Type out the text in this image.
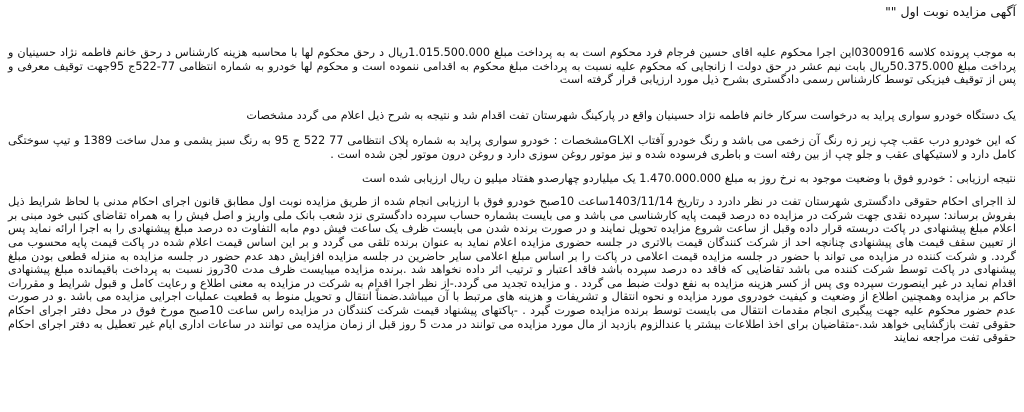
آگهی مزایده نوبت اول ""

به موجب پرونده کلاسه 0300916این اجرا محکوم علیه اقای حسین فرجام فرد محکوم است به به پرداخت مبلغ 1.015.500.000ریال د رحق محکوم لها با محاسبه هزینه کارشناس د رحق خانم فاطمه نژاد حسینیان و پرداخت مبلغ 50.375.000ریال بابت نیم عشر در حق دولت ا زانجایی که محکوم علیه نسبت به پرداخت مبلغ محکوم به اقدامی ننموده است و محکوم لها خودرو به شماره انتظامی 77-522ج 95جهت توقیف معرفی و پس از توقیف فیزیکی توسط کارشناس رسمی دادگستری بشرح ذیل مورد ارزیابی قرار گرفته است

یک دستگاه خودرو سواری پراید به درخواست سرکار خانم فاطمه نژاد حسینیان واقع در پارکینگ شهرستان تفت اقدام شد و نتیجه به شرح ذیل اعلام می گردد مشخصات

که این خودرو درب عقب چپ زیر زه رنگ آن زخمی می باشد و رنگ خودرو آفتاب GLXIمشخصات : خودرو سواری پراید به شماره پلاک انتظامی 77 522 ج 95 به رنگ سبز یشمی و مدل ساخت 1389 و تیپ سوختگی کامل دارد و لاستیکهای عقب و جلو چپ از بین رفته است و باطری فرسوده شده و نیز موتور روغن سوزی دارد و روغن درون موتور لجن شده است .

نتیجه ارزیابی : خودرو فوق با وضعیت موجود به نرخ روز به مبلغ 1.470.000.000 یک میلیاردو چهارصدو هفتاد میلیو ن ریال ارزیابی شده است

لذ ااجرای احکام حقوقی دادگستری شهرستان تفت در نظر دادرد د رتاریخ 1403/11/14ساعت 10صبح خودرو فوق با ارزیابی انجام شده از طریق مزایده نوبت اول مطابق قانون اجرای احکام مدنی با لحاظ شرایط ذیل بفروش برساند: سپرده نقدی جهت شرکت در مزایده ده درصد قیمت پایه کارشناسی می باشد و می بایست بشماره حساب سپرده دادگستری نزد شعب بانک ملی واریز و اصل فیش را به همراه تقاضای کتبی خود مبنی بر اعلام مبلغ پیشنهادی در پاکت دربسته قرار داده وقبل از ساعت شروع مزایده تحویل نمایند و در صورت برنده شدن می بایست ظرف یک ساعت فیش دوم مابه التفاوت ده درصد مبلغ پیشنهادی را به اجرا ارائه نماید پس از تعیین سقف قیمت های پیشنهادی چنانچه احد از شرکت کنندگان قیمت بالاتری در جلسه حضوری مزایده اعلام نماید به عنوان برنده تلقی می گردد و بر این اساس قیمت اعلام شده در پاکت قیمت پایه محسوب می گردد. و شرکت کننده در مزایده می تواند با حضور در جلسه مزایده قیمت اعلامی در پاکت را بر اساس مبلغ اعلامی سایر حاضرین در جلسه مزایده افزایش دهد عدم حضور در جلسه مزایده به منزله قطعی بودن مبلغ پیشنهادی در پاکت توسط شرکت کننده می باشد تقاضایی که فاقد ده درصد سپرده باشد فاقد اعتبار و ترتیب اثر داده نخواهد شد .برنده مزایده میبایست ظرف مدت 30روز نسبت به پرداخت باقیمانده مبلغ پیشنهادی اقدام نماید در غیر اینصورت سپرده وی پس از کسر هزینه مزایده به نفع دولت ضبط می گردد . و مزایده تجدید می گردد.-از نظر اجرا اقدام به شرکت در مزایده به معنی اطلاع و رعایت کامل و قبول شرایط و مقررات حاکم بر مزایده وهمچنین اطلاع از وضعیت و کیفیت خودروی مورد مزایده و نحوه انتقال و تشریفات و هزینه های مرتبط با آن میباشد.ضمناً انتقال و تحویل منوط به قطعیت عملیات اجرایی مزایده می باشد .و در صورت عدم حضور محکوم علیه جهت پیگیری انجام مقدمات انتقال می بایست توسط برنده مزایده صورت گیرد . -پاکتهای پیشنهاد قیمت شرکت کنندگان در مزایده راس ساعت 10صبح مورخ فوق در محل دفتر اجرای احکام حقوقی تفت بازگشایی خواهد شد.-متقاضیان برای اخذ اطلاعات بیشتر یا عندالزوم بازدید از مال مورد مزایده می توانند در مدت 5 روز قبل از زمان مزایده می توانند در ساعات اداری ایام غیر تعطیل به دفتر اجرای احکام حقوقی تفت مراجعه نمایند
